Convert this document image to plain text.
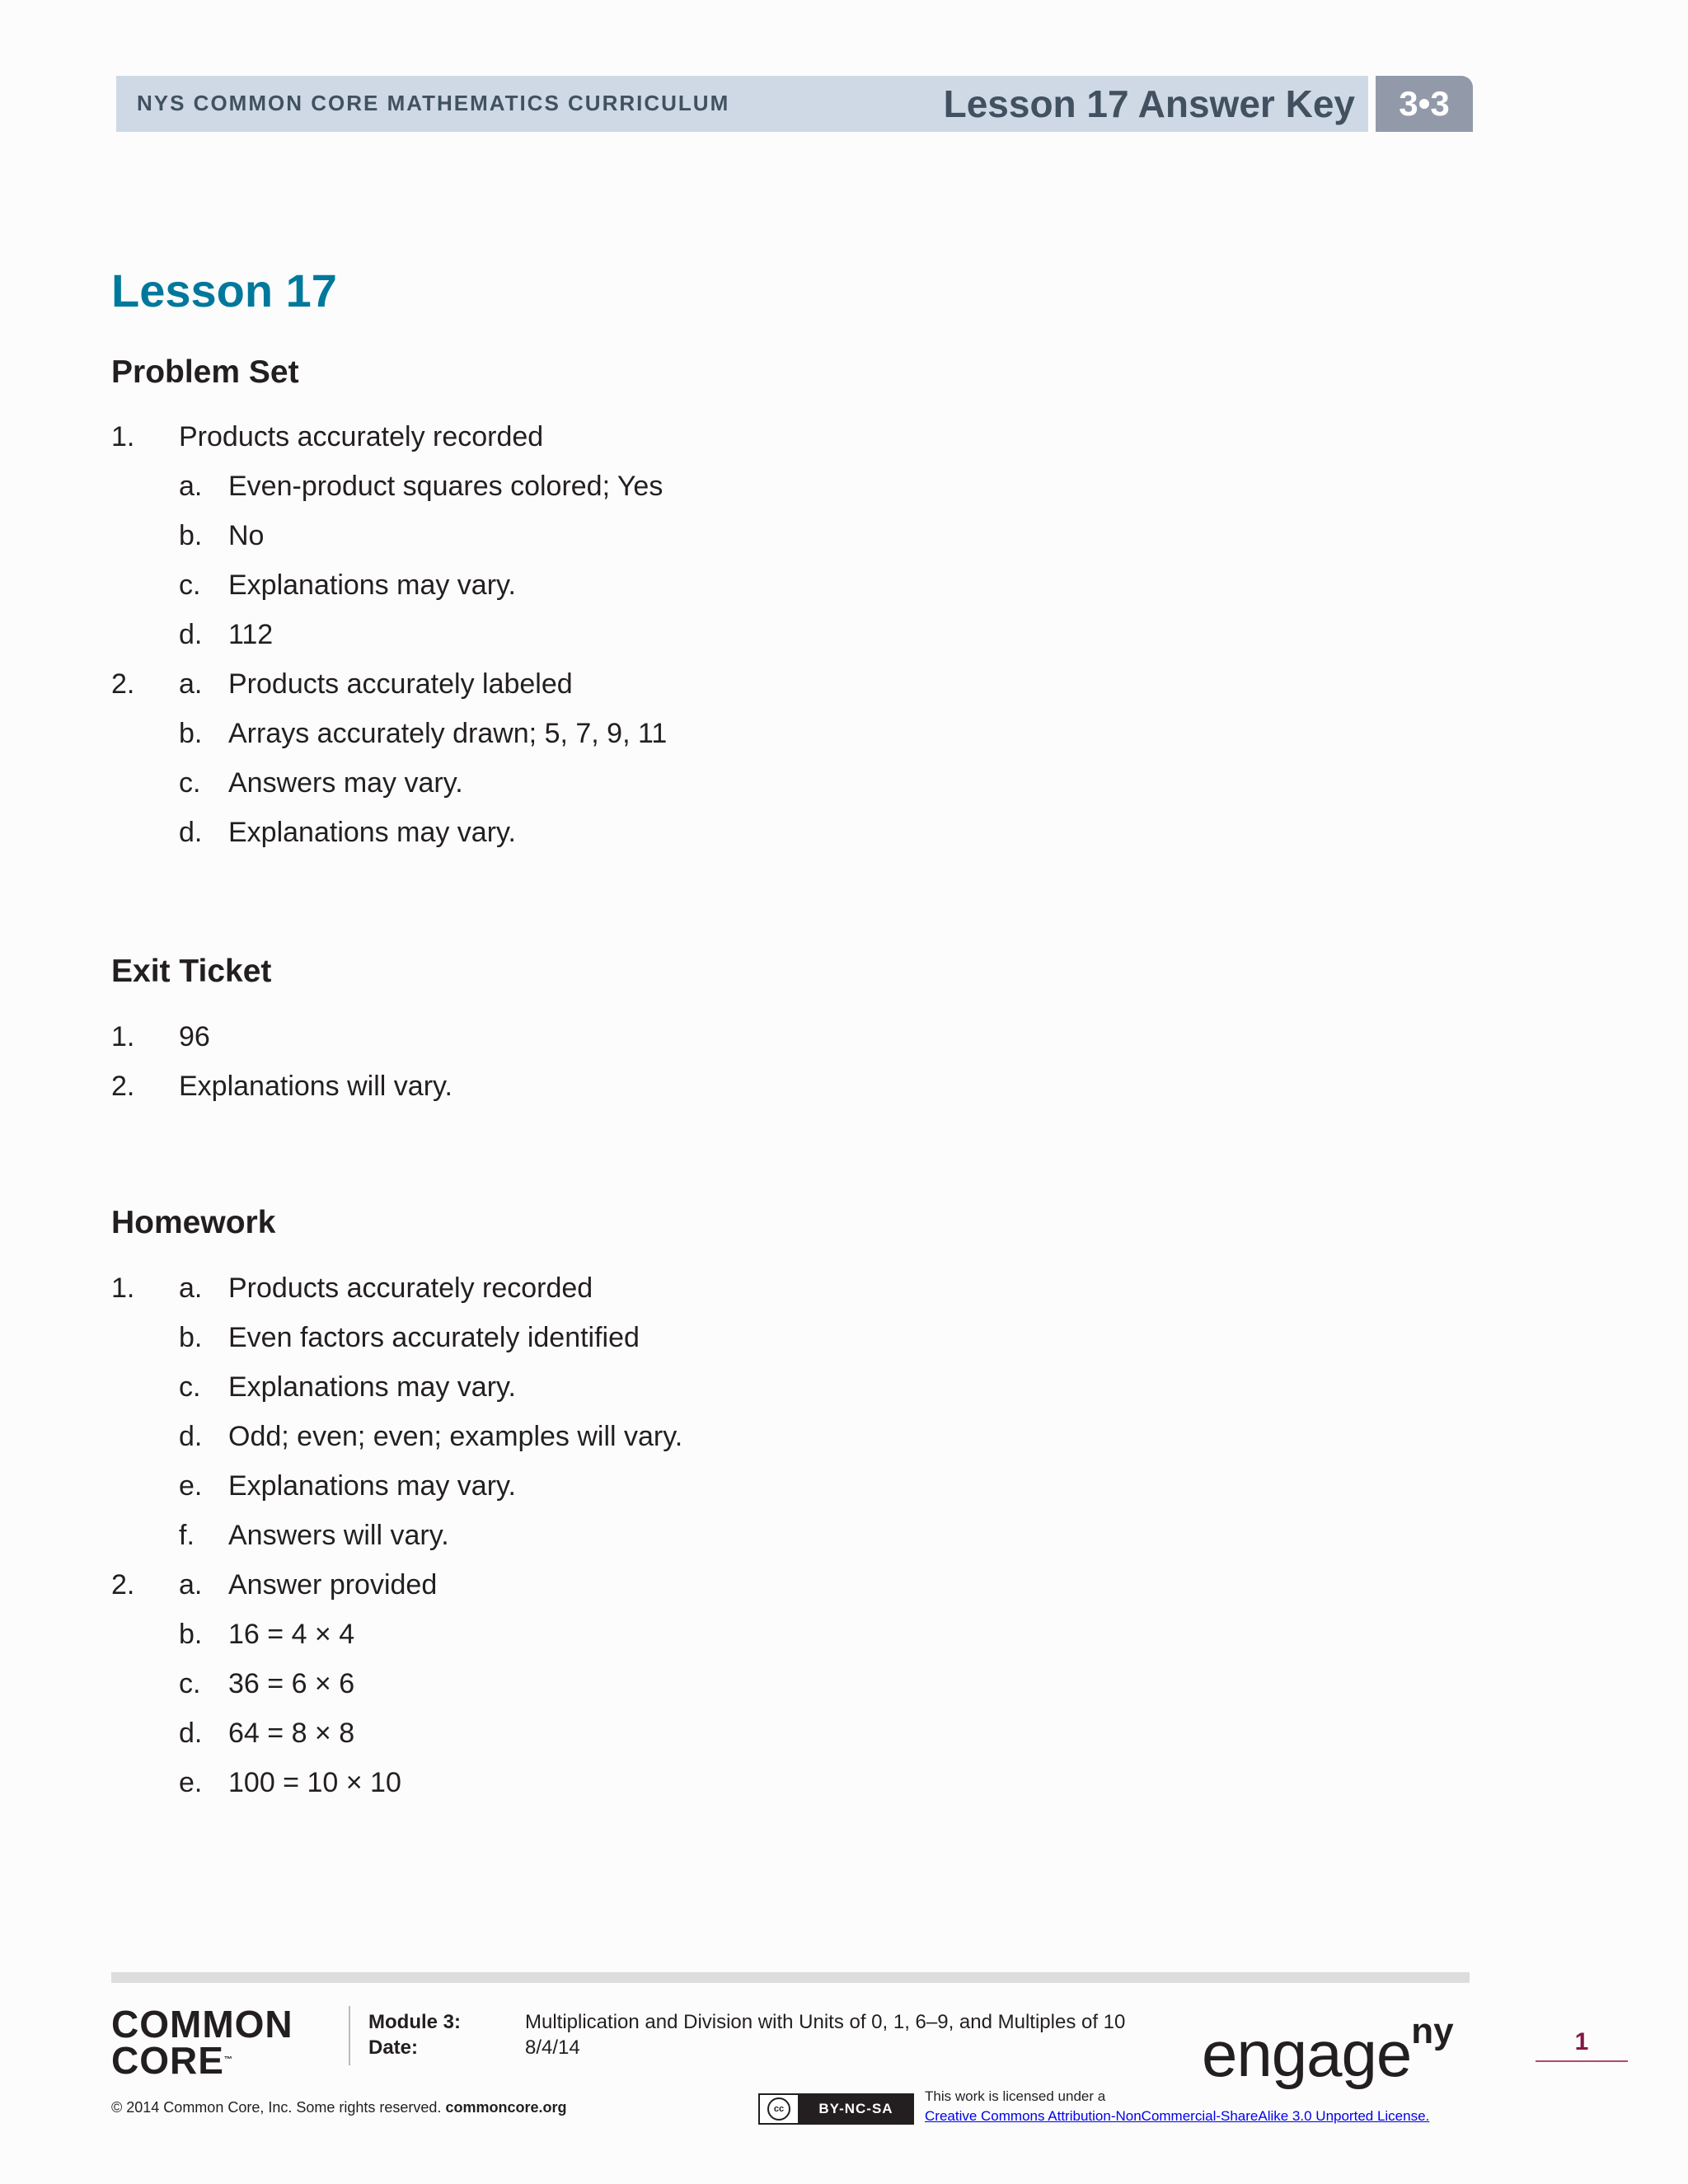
NYS COMMON CORE MATHEMATICS CURRICULUM	Lesson 17 Answer Key	3•3
Lesson 17
Problem Set
1. Products accurately recorded
a. Even-product squares colored; Yes
b. No
c. Explanations may vary.
d. 112
2. a. Products accurately labeled
b. Arrays accurately drawn; 5, 7, 9, 11
c. Answers may vary.
d. Explanations may vary.
Exit Ticket
1. 96
2. Explanations will vary.
Homework
1. a. Products accurately recorded
b. Even factors accurately identified
c. Explanations may vary.
d. Odd; even; even; examples will vary.
e. Explanations may vary.
f. Answers will vary.
2. a. Answer provided
b. 16 = 4 × 4
c. 36 = 6 × 6
d. 64 = 8 × 8
e. 100 = 10 × 10
COMMON
CORE™
Module 3:	Multiplication and Division with Units of 0, 1, 6–9, and Multiples of 10
Date:	8/4/14	engage$^{ny}$	1
© 2014 Common Core, Inc. Some rights reserved. commoncore.org	cc	BY-NC-SA
This work is licensed under a
Creative Commons Attribution-NonCommercial-ShareAlike 3.0 Unported License.
